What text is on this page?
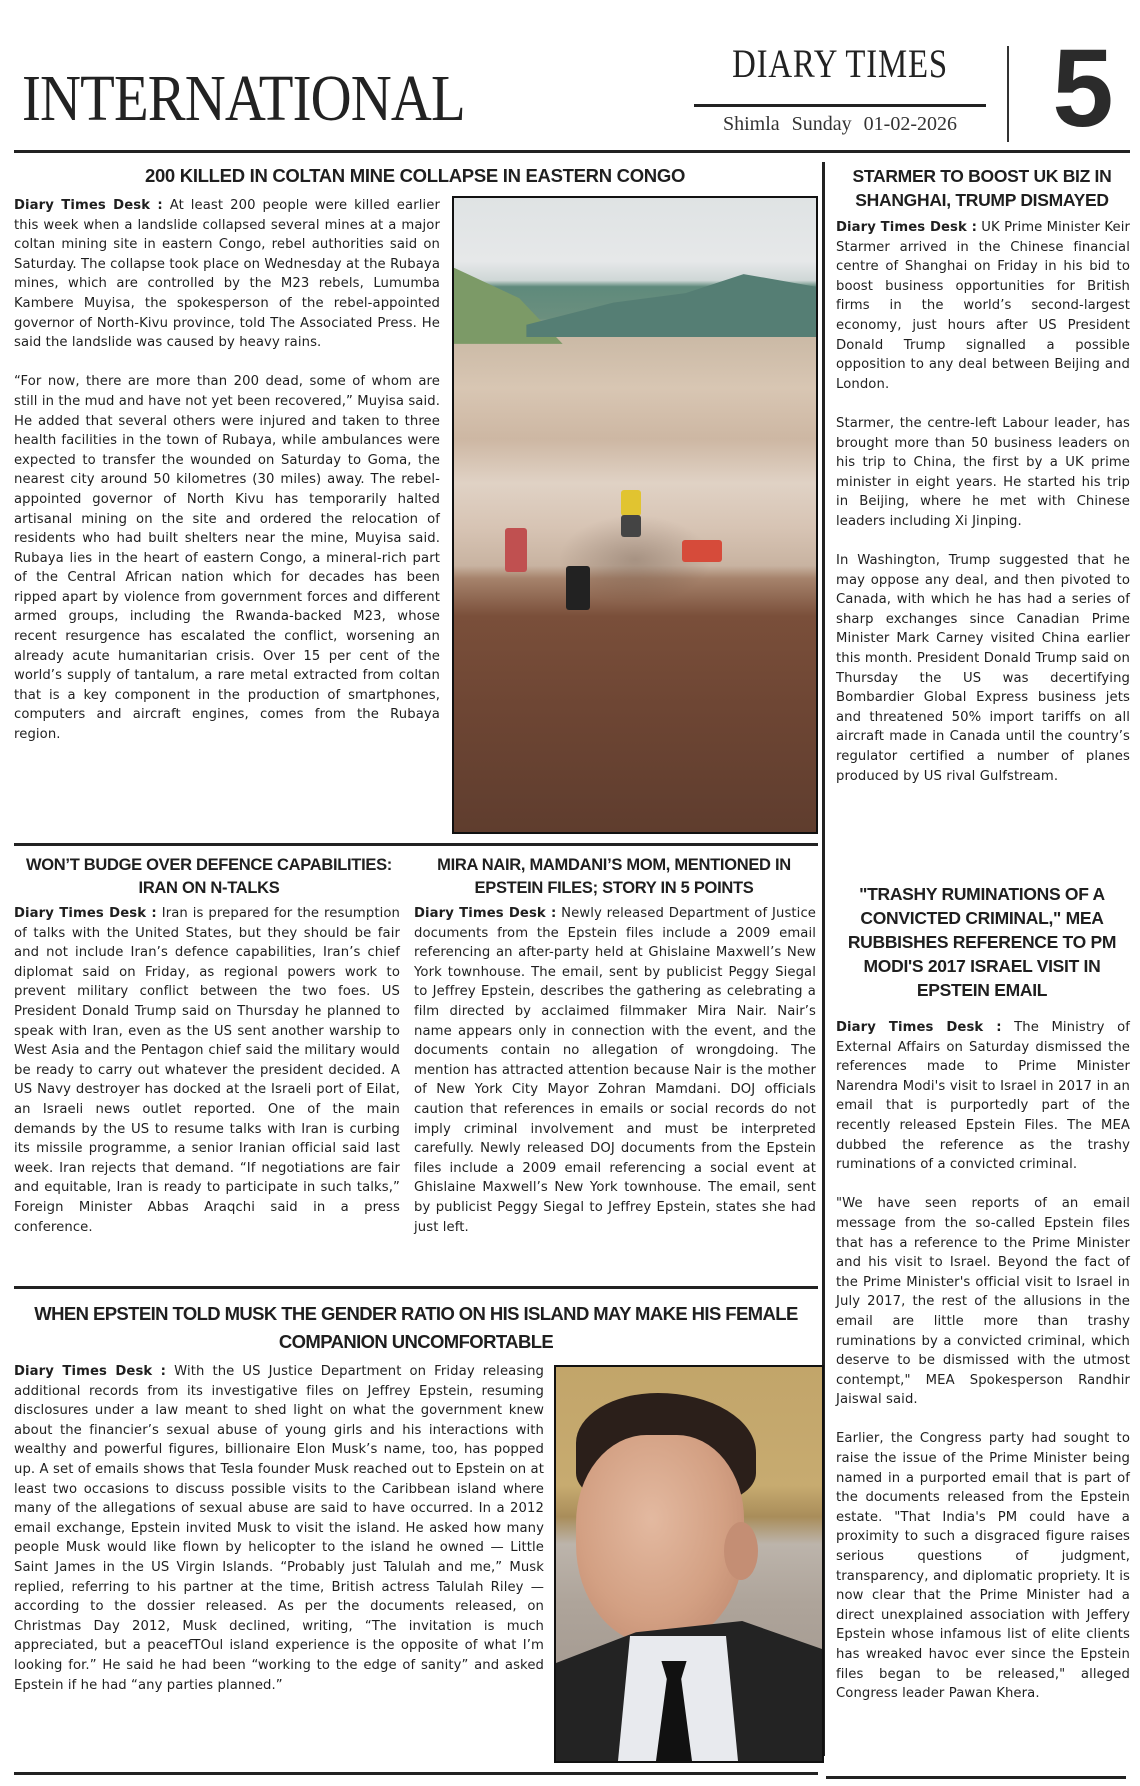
INTERNATIONAL	DIARY TIMES
Shimla Sunday 01-02-2026 5
200 KILLED IN COLTAN MINE COLLAPSE IN EASTERN CONGO

Diary Times Desk : At least 200 people were killed earlier this week when a landslide collapsed several mines at a major coltan mining site in eastern Congo, rebel authorities said on Saturday. The collapse took place on Wednesday at the Rubaya mines, which are controlled by the M23 rebels, Lumumba Kambere Muyisa, the spokesperson of the rebel-appointed governor of North-Kivu province, told The Associated Press. He said the landslide was caused by heavy rains.

“For now, there are more than 200 dead, some of whom are still in the mud and have not yet been recovered,” Muyisa said. He added that several others were injured and taken to three health facilities in the town of Rubaya, while ambulances were expected to transfer the wounded on Saturday to Goma, the nearest city around 50 kilometres (30 miles) away. The rebel-appointed governor of North Kivu has temporarily halted artisanal mining on the site and ordered the relocation of residents who had built shelters near the mine, Muyisa said. Rubaya lies in the heart of eastern Congo, a mineral-rich part of the Central African nation which for decades has been ripped apart by violence from government forces and different armed groups, including the Rwanda-backed M23, whose recent resurgence has escalated the conflict, worsening an already acute humanitarian crisis. Over 15 per cent of the world’s supply of tantalum, a rare metal extracted from coltan that is a key component in the production of smartphones, computers and aircraft engines, comes from the Rubaya region.

STARMER TO BOOST UK BIZ IN SHANGHAI, TRUMP DISMAYED

Diary Times Desk : UK Prime Minister Keir Starmer arrived in the Chinese financial centre of Shanghai on Friday in his bid to boost business opportunities for British firms in the world’s second-largest economy, just hours after US President Donald Trump signalled a possible opposition to any deal between Beijing and London.

Starmer, the centre-left Labour leader, has brought more than 50 business leaders on his trip to China, the first by a UK prime minister in eight years. He started his trip in Beijing, where he met with Chinese leaders including Xi Jinping.

In Washington, Trump suggested that he may oppose any deal, and then pivoted to Canada, with which he has had a series of sharp exchanges since Canadian Prime Minister Mark Carney visited China earlier this month. President Donald Trump said on Thursday the US was decertifying Bombardier Global Express business jets and threatened 50% import tariffs on all aircraft made in Canada until the country’s regulator certified a number of planes produced by US rival Gulfstream.

"TRASHY RUMINATIONS OF A CONVICTED CRIMINAL," MEA RUBBISHES REFERENCE TO PM MODI'S 2017 ISRAEL VISIT IN EPSTEIN EMAIL

Diary Times Desk : The Ministry of External Affairs on Saturday dismissed the references made to Prime Minister Narendra Modi's visit to Israel in 2017 in an email that is purportedly part of the recently released Epstein Files. The MEA dubbed the reference as the trashy ruminations of a convicted criminal.

"We have seen reports of an email message from the so-called Epstein files that has a reference to the Prime Minister and his visit to Israel. Beyond the fact of the Prime Minister's official visit to Israel in July 2017, the rest of the allusions in the email are little more than trashy ruminations by a convicted criminal, which deserve to be dismissed with the utmost contempt," MEA Spokesperson Randhir Jaiswal said.

Earlier, the Congress party had sought to raise the issue of the Prime Minister being named in a purported email that is part of the documents released from the Epstein estate. "That India's PM could have a proximity to such a disgraced figure raises serious questions of judgment, transparency, and diplomatic propriety. It is now clear that the Prime Minister had a direct unexplained association with Jeffery Epstein whose infamous list of elite clients has wreaked havoc ever since the Epstein files began to be released," alleged Congress leader Pawan Khera.

WON’T BUDGE OVER DEFENCE CAPABILITIES: IRAN ON N-TALKS

Diary Times Desk : Iran is prepared for the resumption of talks with the United States, but they should be fair and not include Iran’s defence capabilities, Iran’s chief diplomat said on Friday, as regional powers work to prevent military conflict between the two foes. US President Donald Trump said on Thursday he planned to speak with Iran, even as the US sent another warship to West Asia and the Pentagon chief said the military would be ready to carry out whatever the president decided. A US Navy destroyer has docked at the Israeli port of Eilat, an Israeli news outlet reported. One of the main demands by the US to resume talks with Iran is curbing its missile programme, a senior Iranian official said last week. Iran rejects that demand. “If negotiations are fair and equitable, Iran is ready to participate in such talks,” Foreign Minister Abbas Araqchi said in a press conference.

MIRA NAIR, MAMDANI’S MOM, MENTIONED IN EPSTEIN FILES; STORY IN 5 POINTS

Diary Times Desk : Newly released Department of Justice documents from the Epstein files include a 2009 email referencing an after-party held at Ghislaine Maxwell’s New York townhouse. The email, sent by publicist Peggy Siegal to Jeffrey Epstein, describes the gathering as celebrating a film directed by acclaimed filmmaker Mira Nair. Nair’s name appears only in connection with the event, and the documents contain no allegation of wrongdoing. The mention has attracted attention because Nair is the mother of New York City Mayor Zohran Mamdani. DOJ officials caution that references in emails or social records do not imply criminal involvement and must be interpreted carefully. Newly released DOJ documents from the Epstein files include a 2009 email referencing a social event at Ghislaine Maxwell’s New York townhouse. The email, sent by publicist Peggy Siegal to Jeffrey Epstein, states she had just left.

WHEN EPSTEIN TOLD MUSK THE GENDER RATIO ON HIS ISLAND MAY MAKE HIS FEMALE COMPANION UNCOMFORTABLE

Diary Times Desk : With the US Justice Department on Friday releasing additional records from its investigative files on Jeffrey Epstein, resuming disclosures under a law meant to shed light on what the government knew about the financier’s sexual abuse of young girls and his interactions with wealthy and powerful figures, billionaire Elon Musk’s name, too, has popped up. A set of emails shows that Tesla founder Musk reached out to Epstein on at least two occasions to discuss possible visits to the Caribbean island where many of the allegations of sexual abuse are said to have occurred. In a 2012 email exchange, Epstein invited Musk to visit the island. He asked how many people Musk would like flown by helicopter to the island he owned — Little Saint James in the US Virgin Islands. “Probably just Talulah and me,” Musk replied, referring to his partner at the time, British actress Talulah Riley — according to the dossier released. As per the documents released, on Christmas Day 2012, Musk declined, writing, “The invitation is much appreciated, but a peacefTOul island experience is the opposite of what I’m looking for.” He said he had been “working to the edge of sanity” and asked Epstein if he had “any parties planned.”
